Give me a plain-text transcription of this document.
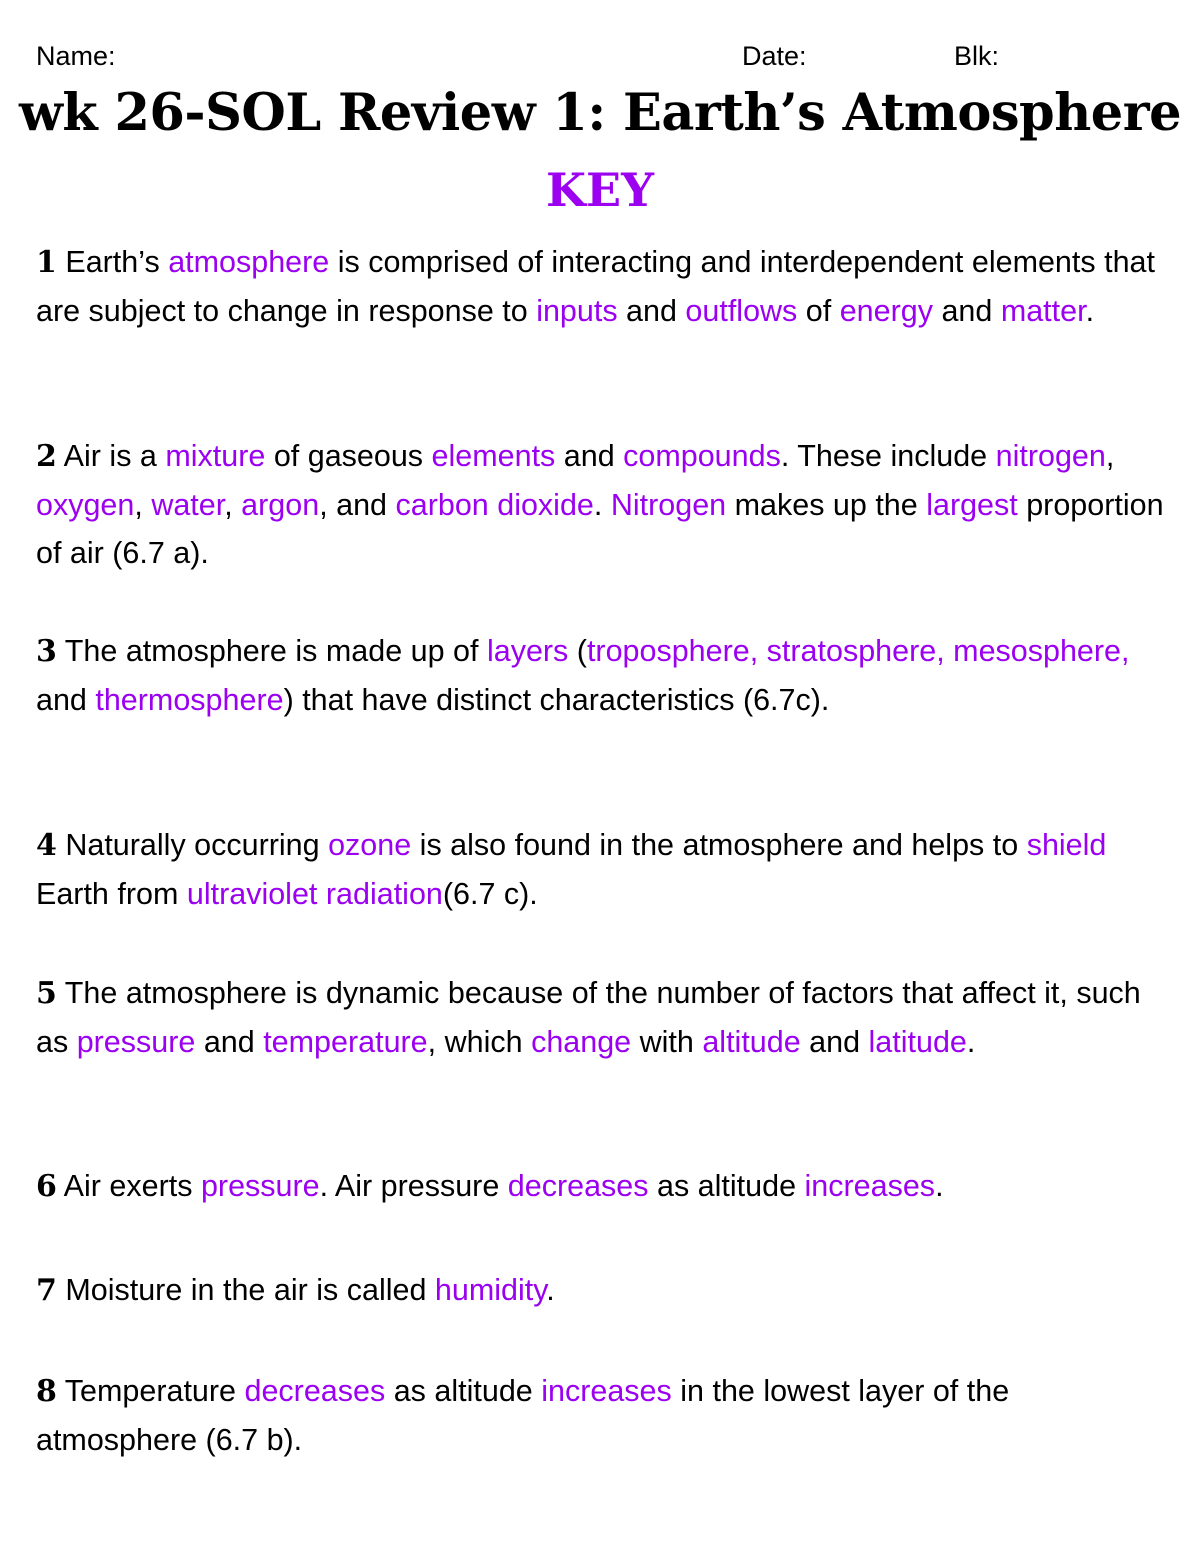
Name:	Date:	Blk:
wk 26-SOL Review 1: Earth’s Atmosphere
KEY

1 Earth’s atmosphere is comprised of interacting and interdependent elements that are subject to change in response to inputs and outflows of energy and matter.

2 Air is a mixture of gaseous elements and compounds. These include nitrogen, oxygen, water, argon, and carbon dioxide. Nitrogen makes up the largest proportion of air (6.7 a).

3 The atmosphere is made up of layers (troposphere, stratosphere, mesosphere, and thermosphere) that have distinct characteristics (6.7c).

4 Naturally occurring ozone is also found in the atmosphere and helps to shield Earth from ultraviolet radiation(6.7 c).

5 The atmosphere is dynamic because of the number of factors that affect it, such as pressure and temperature, which change with altitude and latitude.

6 Air exerts pressure. Air pressure decreases as altitude increases.

7 Moisture in the air is called humidity.

8 Temperature decreases as altitude increases in the lowest layer of the atmosphere (6.7 b).
